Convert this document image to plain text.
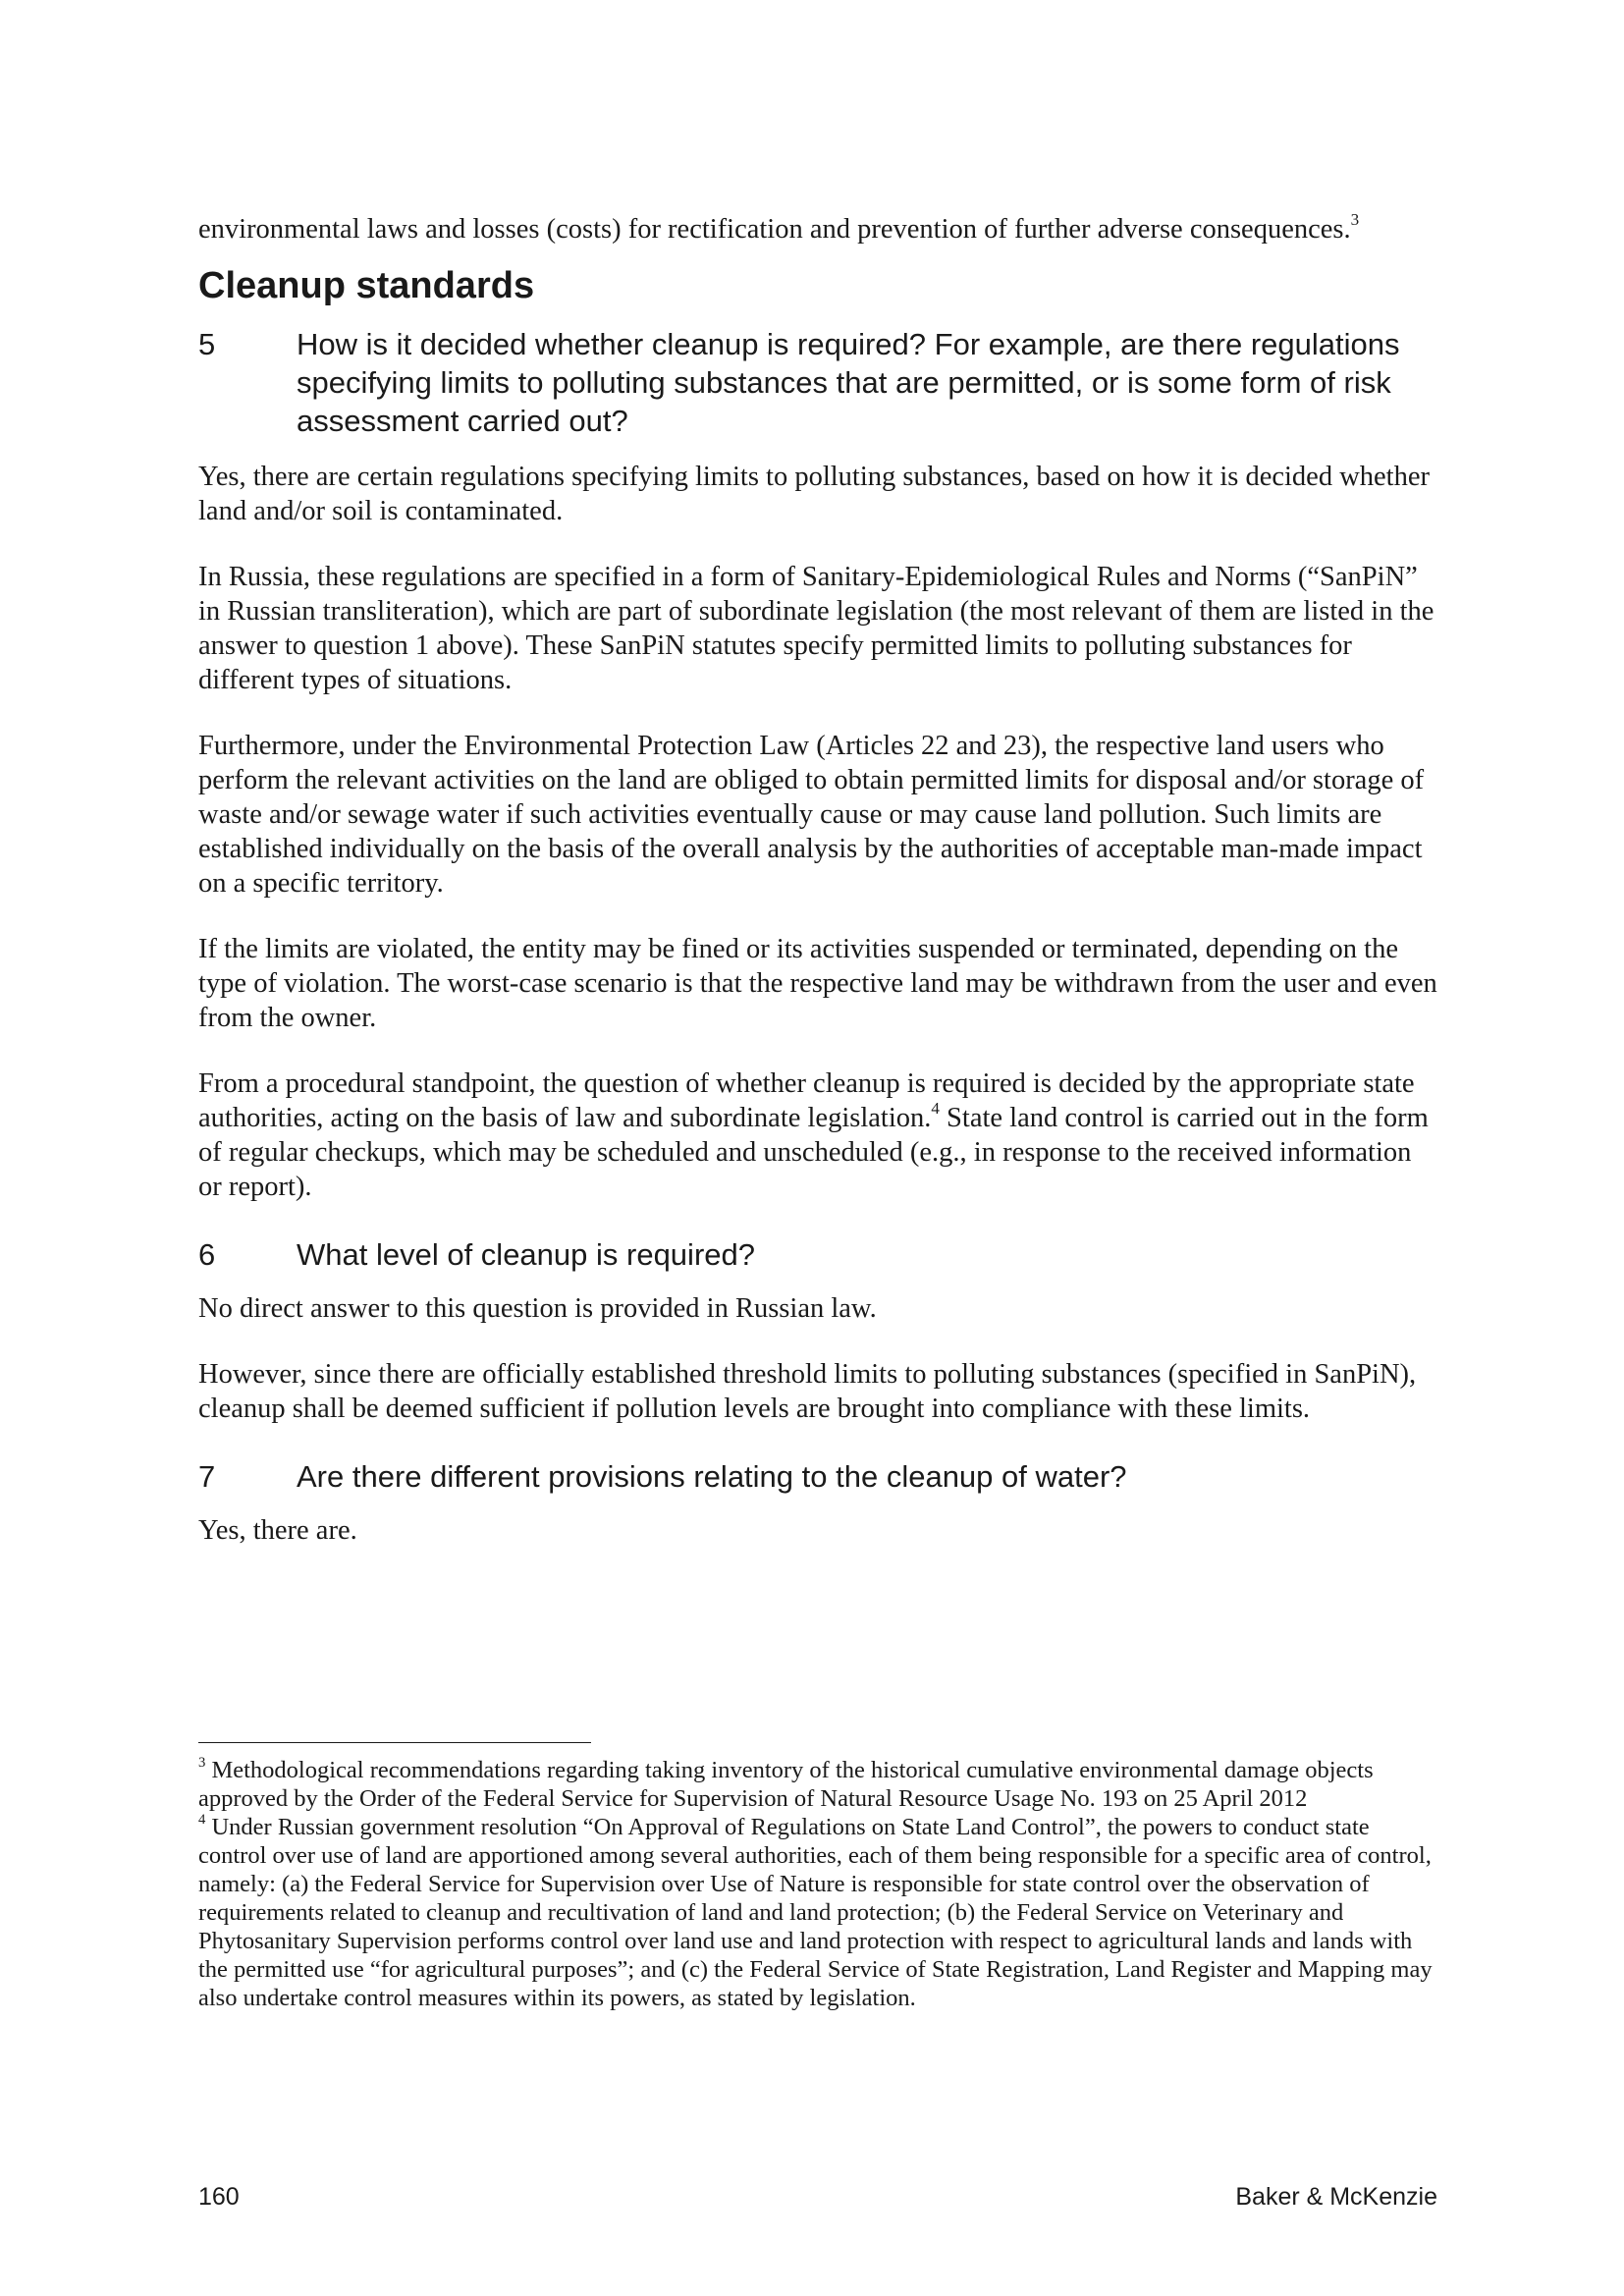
environmental laws and losses (costs) for rectification and prevention of further adverse consequences.$^3$

Cleanup standards
5	How is it decided whether cleanup is required? For example, are there regulations specifying limits to polluting substances that are permitted, or is some form of risk assessment carried out?

Yes, there are certain regulations specifying limits to polluting substances, based on how it is decided whether land and/or soil is contaminated.

In Russia, these regulations are specified in a form of Sanitary-Epidemiological Rules and Norms (“SanPiN” in Russian transliteration), which are part of subordinate legislation (the most relevant of them are listed in the answer to question 1 above). These SanPiN statutes specify permitted limits to polluting substances for different types of situations.

Furthermore, under the Environmental Protection Law (Articles 22 and 23), the respective land users who perform the relevant activities on the land are obliged to obtain permitted limits for disposal and/or storage of waste and/or sewage water if such activities eventually cause or may cause land pollution. Such limits are established individually on the basis of the overall analysis by the authorities of acceptable man-made impact on a specific territory.

If the limits are violated, the entity may be fined or its activities suspended or terminated, depending on the type of violation. The worst-case scenario is that the respective land may be withdrawn from the user and even from the owner.

From a procedural standpoint, the question of whether cleanup is required is decided by the appropriate state authorities, acting on the basis of law and subordinate legislation.$^4$ State land control is carried out in the form of regular checkups, which may be scheduled and unscheduled (e.g., in response to the received information or report).

6	What level of cleanup is required?

No direct answer to this question is provided in Russian law.

However, since there are officially established threshold limits to polluting substances (specified in SanPiN), cleanup shall be deemed sufficient if pollution levels are brought into compliance with these limits.

7	Are there different provisions relating to the cleanup of water?

Yes, there are.

$^3$ Methodological recommendations regarding taking inventory of the historical cumulative environmental damage objects approved by the Order of the Federal Service for Supervision of Natural Resource Usage No. 193 on 25 April 2012

$^4$ Under Russian government resolution “On Approval of Regulations on State Land Control”, the powers to conduct state control over use of land are apportioned among several authorities, each of them being responsible for a specific area of control, namely: (a) the Federal Service for Supervision over Use of Nature is responsible for state control over the observation of requirements related to cleanup and recultivation of land and land protection; (b) the Federal Service on Veterinary and Phytosanitary Supervision performs control over land use and land protection with respect to agricultural lands and lands with the permitted use “for agricultural purposes”; and (c) the Federal Service of State Registration, Land Register and Mapping may also undertake control measures within its powers, as stated by legislation.

160	Baker & McKenzie
